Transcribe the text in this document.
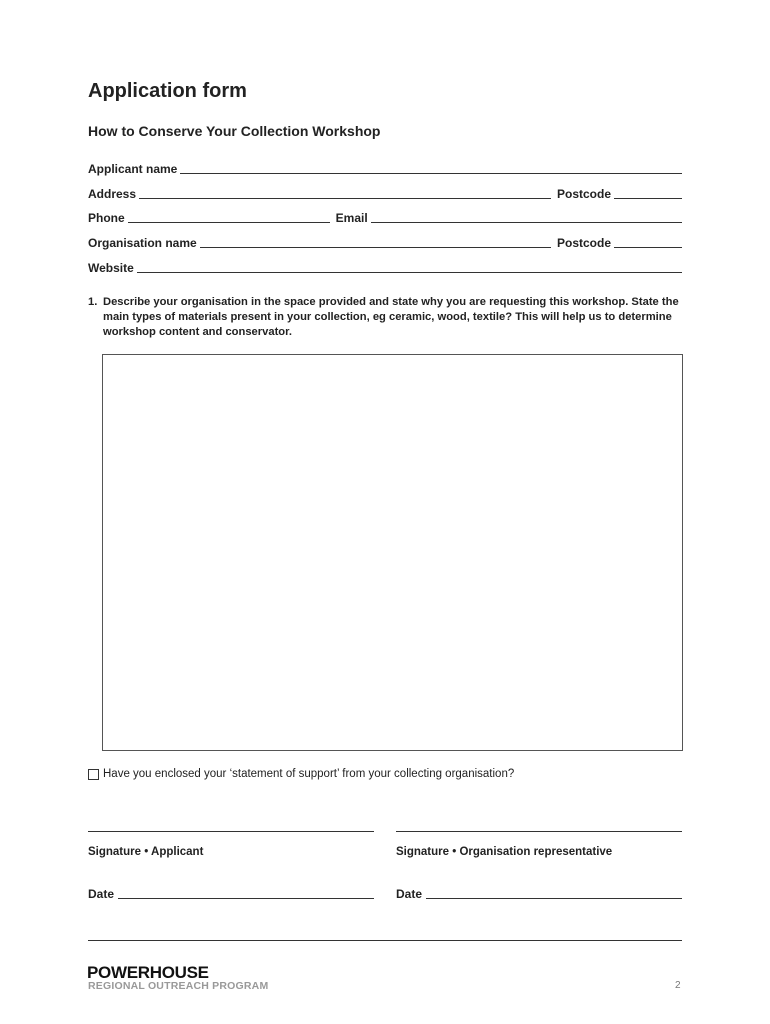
Application form
How to Conserve Your Collection Workshop
Applicant name
Address	Postcode
Phone	Email
Organisation name	Postcode
Website
1. Describe your organisation in the space provided and state why you are requesting this workshop. State the main types of materials present in your collection, eg ceramic, wood, textile? This will help us to determine workshop content and conservator.
Have you enclosed your ‘statement of support’ from your collecting organisation?
Signature • Applicant	Signature • Organisation representative
Date	Date
POWERHOUSE
REGIONAL OUTREACH PROGRAM	2
